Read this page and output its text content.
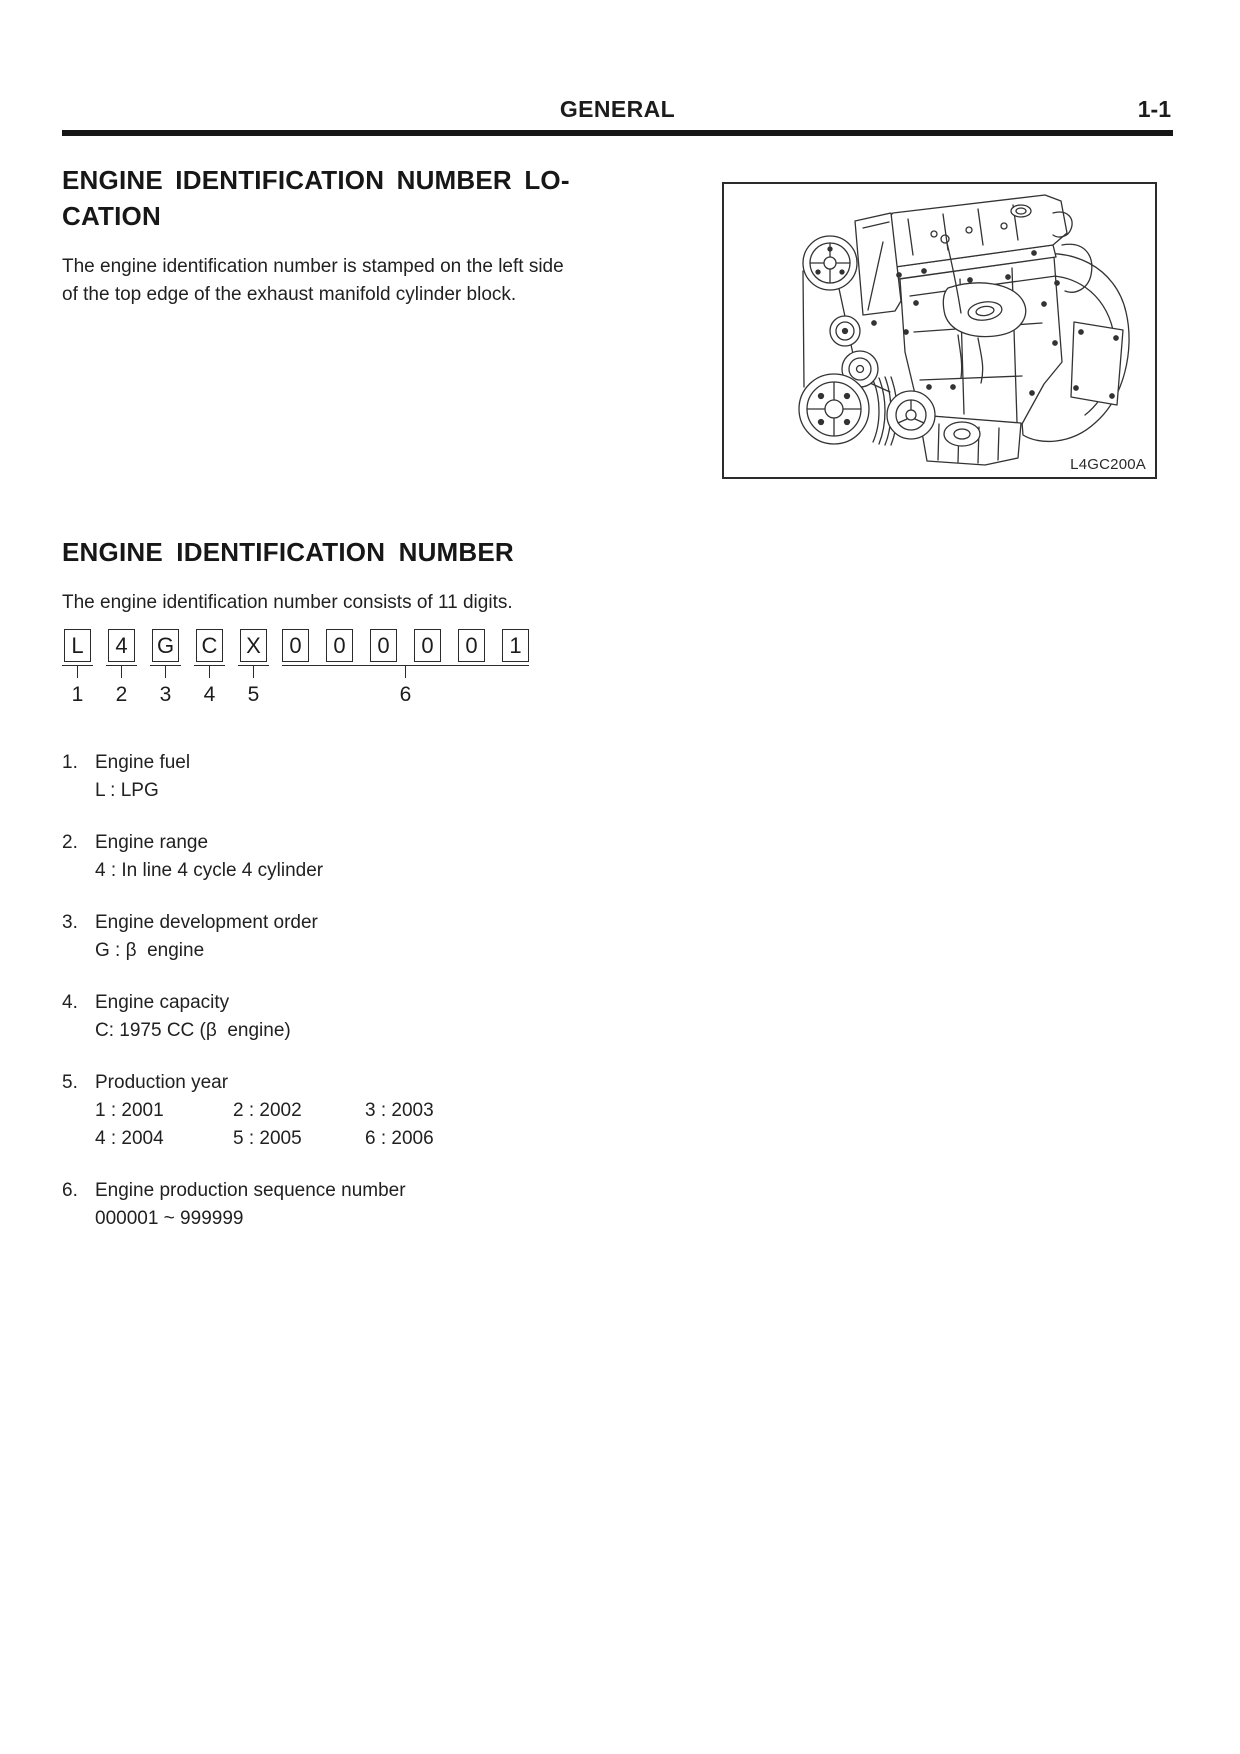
GENERAL	1-1
ENGINE IDENTIFICATION NUMBER LO-
CATION
The engine identification number is stamped on the left side of the top edge of the exhaust manifold cylinder block.
L4GC200A
ENGINE IDENTIFICATION NUMBER
The engine identification number consists of 11 digits.
L
1
4
2
G
3
C
4
X
5
0	0	0	0	0	1
6
1. Engine fuel
L : LPG
2. Engine range
4 : In line 4 cycle 4 cylinder
3. Engine development order
G : β  engine
4. Engine capacity
C: 1975 CC (β  engine)
5. Production year
1 : 2001	2 : 2002	3 : 2003
4 : 2004	5 : 2005	6 : 2006
6. Engine production sequence number
000001 ~ 999999
